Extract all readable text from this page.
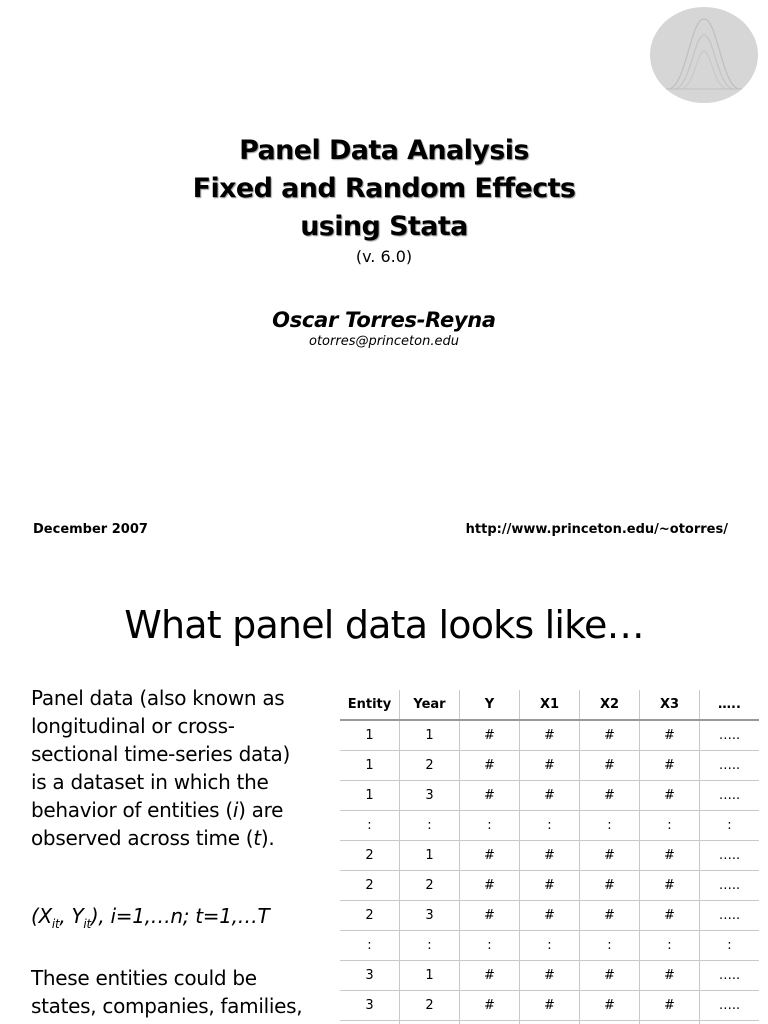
Panel Data Analysis
Fixed and Random Effects
using Stata
(v. 6.0)
Oscar Torres-Reyna
otorres@princeton.edu
December 2007	http://www.princeton.edu/~otorres/
What panel data looks like…
Panel data (also known as
longitudinal or cross-
sectional time-series data)
is a dataset in which the
behavior of entities (i) are
observed across time (t).
($X_{it}$, $Y_{it}$), i=1,…n; t=1,…T
These entities could be
states, companies, families,
Entity	Year	Y	X1	X2	X3	…..
1	1	#	#	#	#	…..
1	2	#	#	#	#	…..
1	3	#	#	#	#	…..
:	:	:	:	:	:	:
2	1	#	#	#	#	…..
2	2	#	#	#	#	…..
2	3	#	#	#	#	…..
:	:	:	:	:	:	:
3	1	#	#	#	#	…..
3	2	#	#	#	#	…..
